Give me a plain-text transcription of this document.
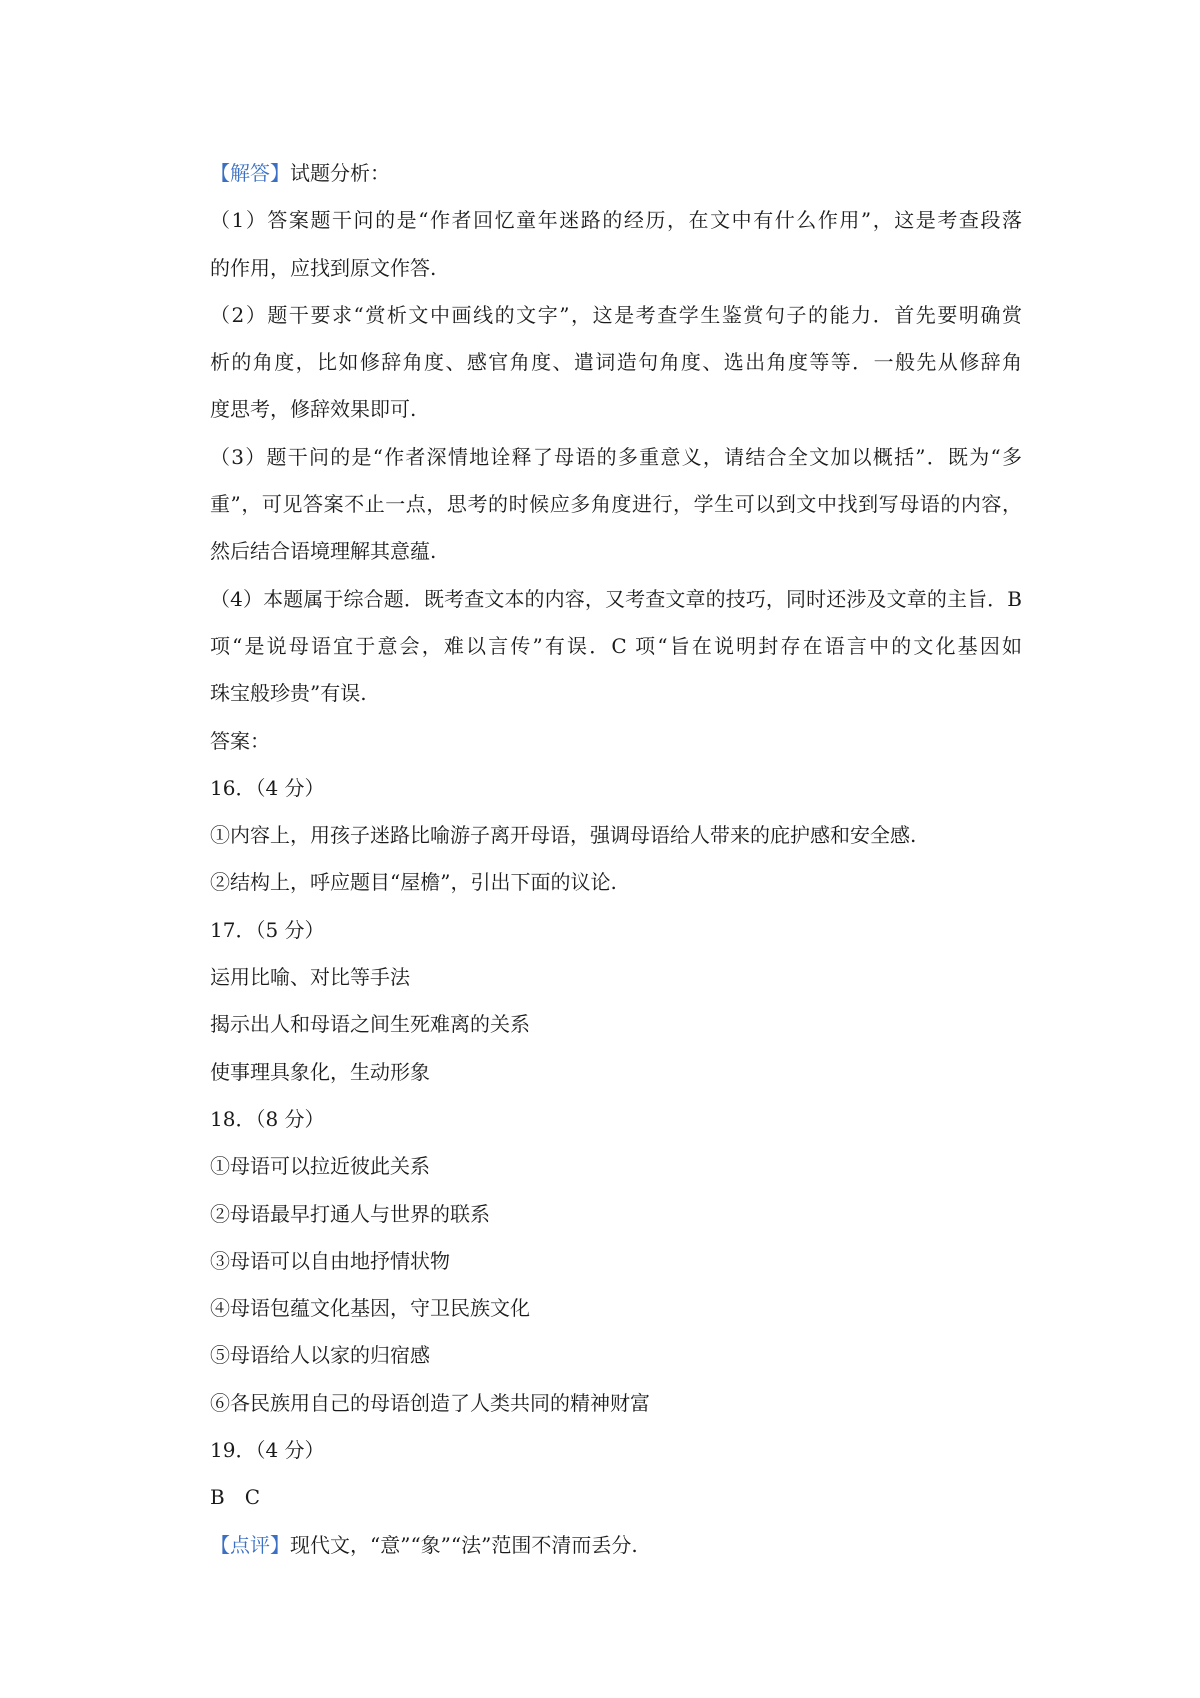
【解答】试题分析：
（1）答案题干问的是“作者回忆童年迷路的经历，在文中有什么作用”，这是考查段落
的作用，应找到原文作答.
（2）题干要求“赏析文中画线的文字”，这是考查学生鉴赏句子的能力．首先要明确赏
析的角度，比如修辞角度、感官角度、遣词造句角度、选出角度等等．一般先从修辞角
度思考，修辞效果即可.
（3）题干问的是“作者深情地诠释了母语的多重意义，请结合全文加以概括”．既为“多
重”，可见答案不止一点，思考的时候应多角度进行，学生可以到文中找到写母语的内容，
然后结合语境理解其意蕴.
（4）本题属于综合题．既考查文本的内容，又考查文章的技巧，同时还涉及文章的主旨．B
项“是说母语宜于意会，难以言传”有误．C 项“旨在说明封存在语言中的文化基因如
珠宝般珍贵”有误.
答案：
16．（4 分）
①内容上，用孩子迷路比喻游子离开母语，强调母语给人带来的庇护感和安全感.
②结构上，呼应题目“屋檐”，引出下面的议论.
17．（5 分）
运用比喻、对比等手法
揭示出人和母语之间生死难离的关系
使事理具象化，生动形象
18．（8 分）
①母语可以拉近彼此关系
②母语最早打通人与世界的联系
③母语可以自由地抒情状物
④母语包蕴文化基因，守卫民族文化
⑤母语给人以家的归宿感
⑥各民族用自己的母语创造了人类共同的精神财富
19．（4 分）
B　C
【点评】现代文，“意”“象”“法”范围不清而丢分.
